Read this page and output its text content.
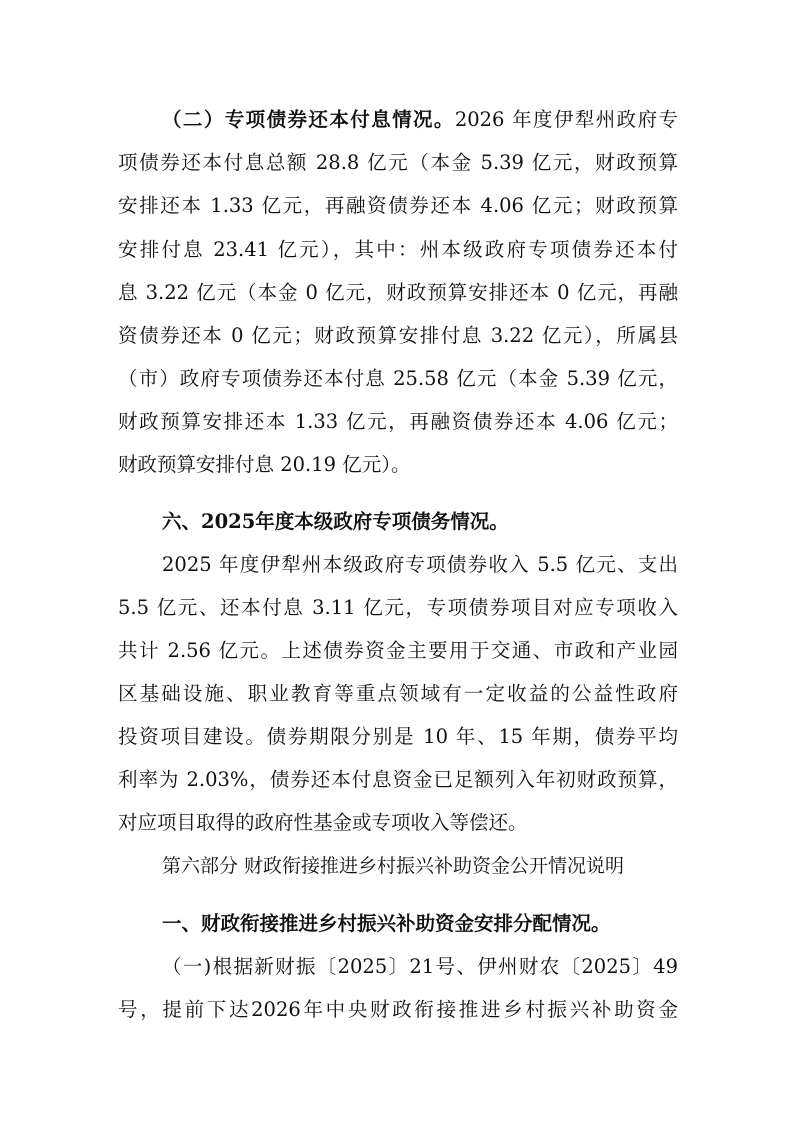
（二）专项债券还本付息情况。2026 年度伊犁州政府专
项债券还本付息总额 28.8 亿元（本金 5.39 亿元，财政预算
安排还本 1.33 亿元，再融资债券还本 4.06 亿元；财政预算
安排付息 23.41 亿元），其中：州本级政府专项债券还本付
息 3.22 亿元（本金 0 亿元，财政预算安排还本 0 亿元，再融
资债券还本 0 亿元；财政预算安排付息 3.22 亿元），所属县
（市）政府专项债券还本付息 25.58 亿元（本金 5.39 亿元，
财政预算安排还本 1.33 亿元，再融资债券还本 4.06 亿元；
财政预算安排付息 20.19 亿元）。
六、2025年度本级政府专项债务情况。
2025 年度伊犁州本级政府专项债券收入 5.5 亿元、支出
5.5 亿元、还本付息 3.11 亿元，专项债券项目对应专项收入
共计 2.56 亿元。上述债券资金主要用于交通、市政和产业园
区基础设施、职业教育等重点领域有一定收益的公益性政府
投资项目建设。债券期限分别是 10 年、15 年期，债券平均
利率为 2.03%，债券还本付息资金已足额列入年初财政预算，
对应项目取得的政府性基金或专项收入等偿还。
第六部分 财政衔接推进乡村振兴补助资金公开情况说明
一、财政衔接推进乡村振兴补助资金安排分配情况。
（一)根据新财振〔2025〕21号、伊州财农〔2025〕49
号，提前下达2026年中央财政衔接推进乡村振兴补助资金
